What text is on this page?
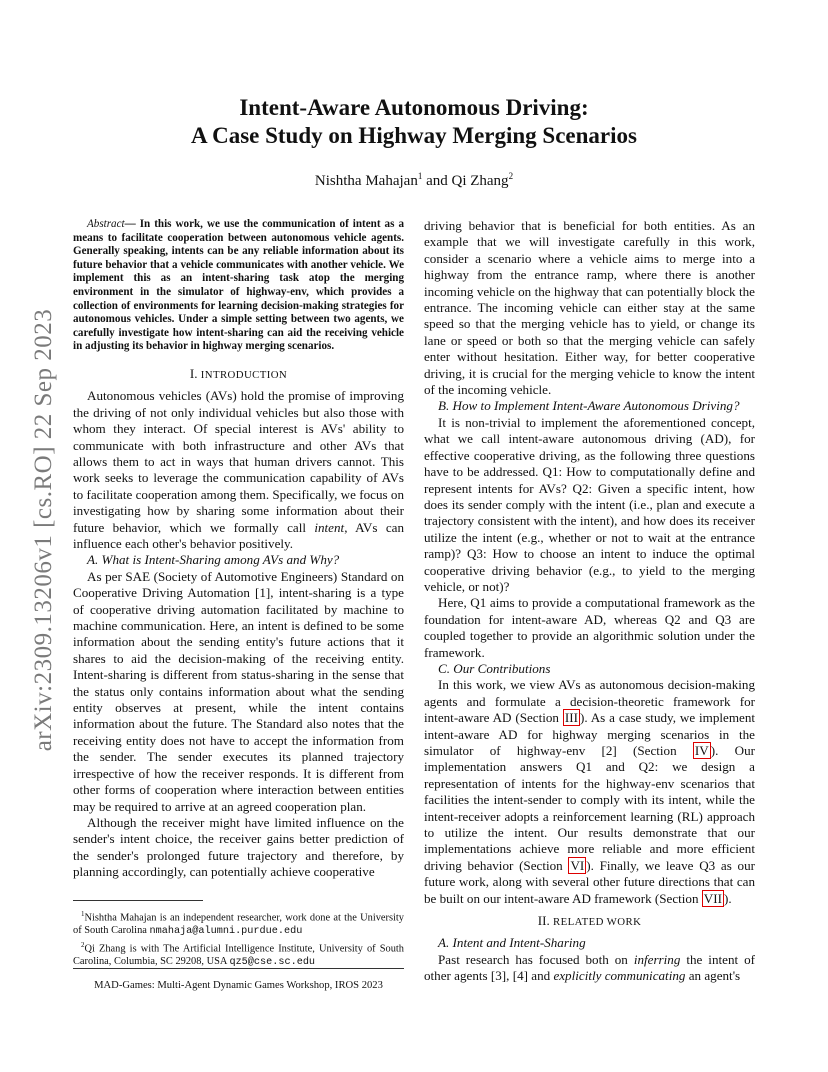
arXiv:2309.13206v1 [cs.RO] 22 Sep 2023
Intent-Aware Autonomous Driving:
A Case Study on Highway Merging Scenarios
Nishtha Mahajan$^1$ and Qi Zhang$^2$

Abstract— In this work, we use the communication of intent as a means to facilitate cooperation between autonomous vehicle agents. Generally speaking, intents can be any reliable information about its future behavior that a vehicle communicates with another vehicle. We implement this as an intent-sharing task atop the merging environment in the simulator of highway-env, which provides a collection of environments for learning decision-making strategies for autonomous vehicles. Under a simple setting between two agents, we carefully investigate how intent-sharing can aid the receiving vehicle in adjusting its behavior in highway merging scenarios.

I. INTRODUCTION

Autonomous vehicles (AVs) hold the promise of improving the driving of not only individual vehicles but also those with whom they interact. Of special interest is AVs' ability to communicate with both infrastructure and other AVs that allows them to act in ways that human drivers cannot. This work seeks to leverage the communication capability of AVs to facilitate cooperation among them. Specifically, we focus on investigating how by sharing some information about their future behavior, which we formally call intent, AVs can influence each other's behavior positively.

A. What is Intent-Sharing among AVs and Why?

As per SAE (Society of Automotive Engineers) Standard on Cooperative Driving Automation [1], intent-sharing is a type of cooperative driving automation facilitated by machine to machine communication. Here, an intent is defined to be some information about the sending entity's future actions that it shares to aid the decision-making of the receiving entity. Intent-sharing is different from status-sharing in the sense that the status only contains information about what the sending entity observes at present, while the intent contains information about the future. The Standard also notes that the receiving entity does not have to accept the information from the sender. The sender executes its planned trajectory irrespective of how the receiver responds. It is different from other forms of cooperation where interaction between entities may be required to arrive at an agreed cooperation plan.

Although the receiver might have limited influence on the sender's intent choice, the receiver gains better prediction of the sender's prolonged future trajectory and therefore, by planning accordingly, can potentially achieve cooperative

$^1$Nishtha Mahajan is an independent researcher, work done at the University of South Carolina nmahaja@alumni.purdue.edu

$^2$Qi Zhang is with The Artificial Intelligence Institute, University of South Carolina, Columbia, SC 29208, USA qz5@cse.sc.edu

MAD-Games: Multi-Agent Dynamic Games Workshop, IROS 2023

driving behavior that is beneficial for both entities. As an example that we will investigate carefully in this work, consider a scenario where a vehicle aims to merge into a highway from the entrance ramp, where there is another incoming vehicle on the highway that can potentially block the entrance. The incoming vehicle can either stay at the same speed so that the merging vehicle has to yield, or change its lane or speed or both so that the merging vehicle can safely enter without hesitation. Either way, for better cooperative driving, it is crucial for the merging vehicle to know the intent of the incoming vehicle.

B. How to Implement Intent-Aware Autonomous Driving?

It is non-trivial to implement the aforementioned concept, what we call intent-aware autonomous driving (AD), for effective cooperative driving, as the following three questions have to be addressed. Q1: How to computationally define and represent intents for AVs? Q2: Given a specific intent, how does its sender comply with the intent (i.e., plan and execute a trajectory consistent with the intent), and how does its receiver utilize the intent (e.g., whether or not to wait at the entrance ramp)? Q3: How to choose an intent to induce the optimal cooperative driving behavior (e.g., to yield to the merging vehicle, or not)?

Here, Q1 aims to provide a computational framework as the foundation for intent-aware AD, whereas Q2 and Q3 are coupled together to provide an algorithmic solution under the framework.

C. Our Contributions

In this work, we view AVs as autonomous decision-making agents and formulate a decision-theoretic framework for intent-aware AD (Section III ). As a case study, we implement intent-aware AD for highway merging scenarios in the simulator of highway-env [2] (Section IV ). Our implementation answers Q1 and Q2: we design a representation of intents for the highway-env scenarios that facilities the intent-sender to comply with its intent, while the intent-receiver adopts a reinforcement learning (RL) approach to utilize the intent. Our results demonstrate that our implementations achieve more reliable and more efficient driving behavior (Section VI ). Finally, we leave Q3 as our future work, along with several other future directions that can be built on our intent-aware AD framework (Section VII ).

II. RELATED WORK

A. Intent and Intent-Sharing

Past research has focused both on inferring the intent of other agents [3], [4] and explicitly communicating an agent's
